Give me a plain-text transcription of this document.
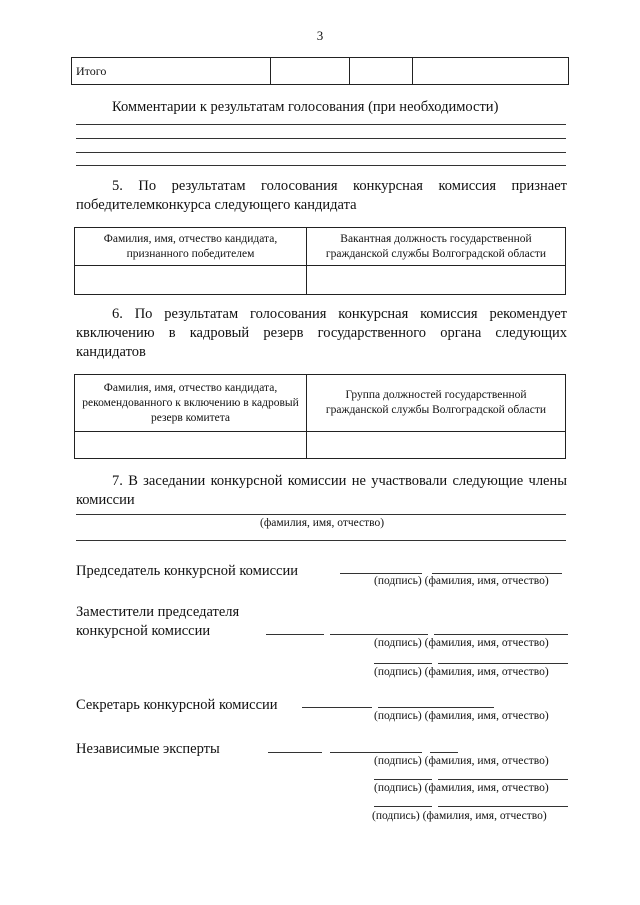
3
Итого			
Комментарии к результатам голосования (при необходимости)
5. По результатам голосования конкурсная комиссия признает
победителемконкурса следующего кандидата
Фамилия, имя, отчество кандидата, признанного победителем	Вакантная должность государственной гражданской службы Волгоградской области

6. По результатам голосования конкурсная комиссия рекомендует
квключению в кадровый резерв государственного органа следующих
кандидатов
Фамилия, имя, отчество кандидата, рекомендованного к включению в кадровый резерв комитета	Группа должностей государственной гражданской службы Волгоградской области

7. В заседании конкурсной комиссии не участвовали следующие члены
комиссии
(фамилия, имя, отчество)
Председатель конкурсной комиссии
(подпись) (фамилия, имя, отчество)
Заместители председателя
конкурсной комиссии
(подпись) (фамилия, имя, отчество)
(подпись) (фамилия, имя, отчество)
Секретарь конкурсной комиссии
(подпись) (фамилия, имя, отчество)
Независимые эксперты
(подпись) (фамилия, имя, отчество)
(подпись) (фамилия, имя, отчество)
(подпись) (фамилия, имя, отчество)
